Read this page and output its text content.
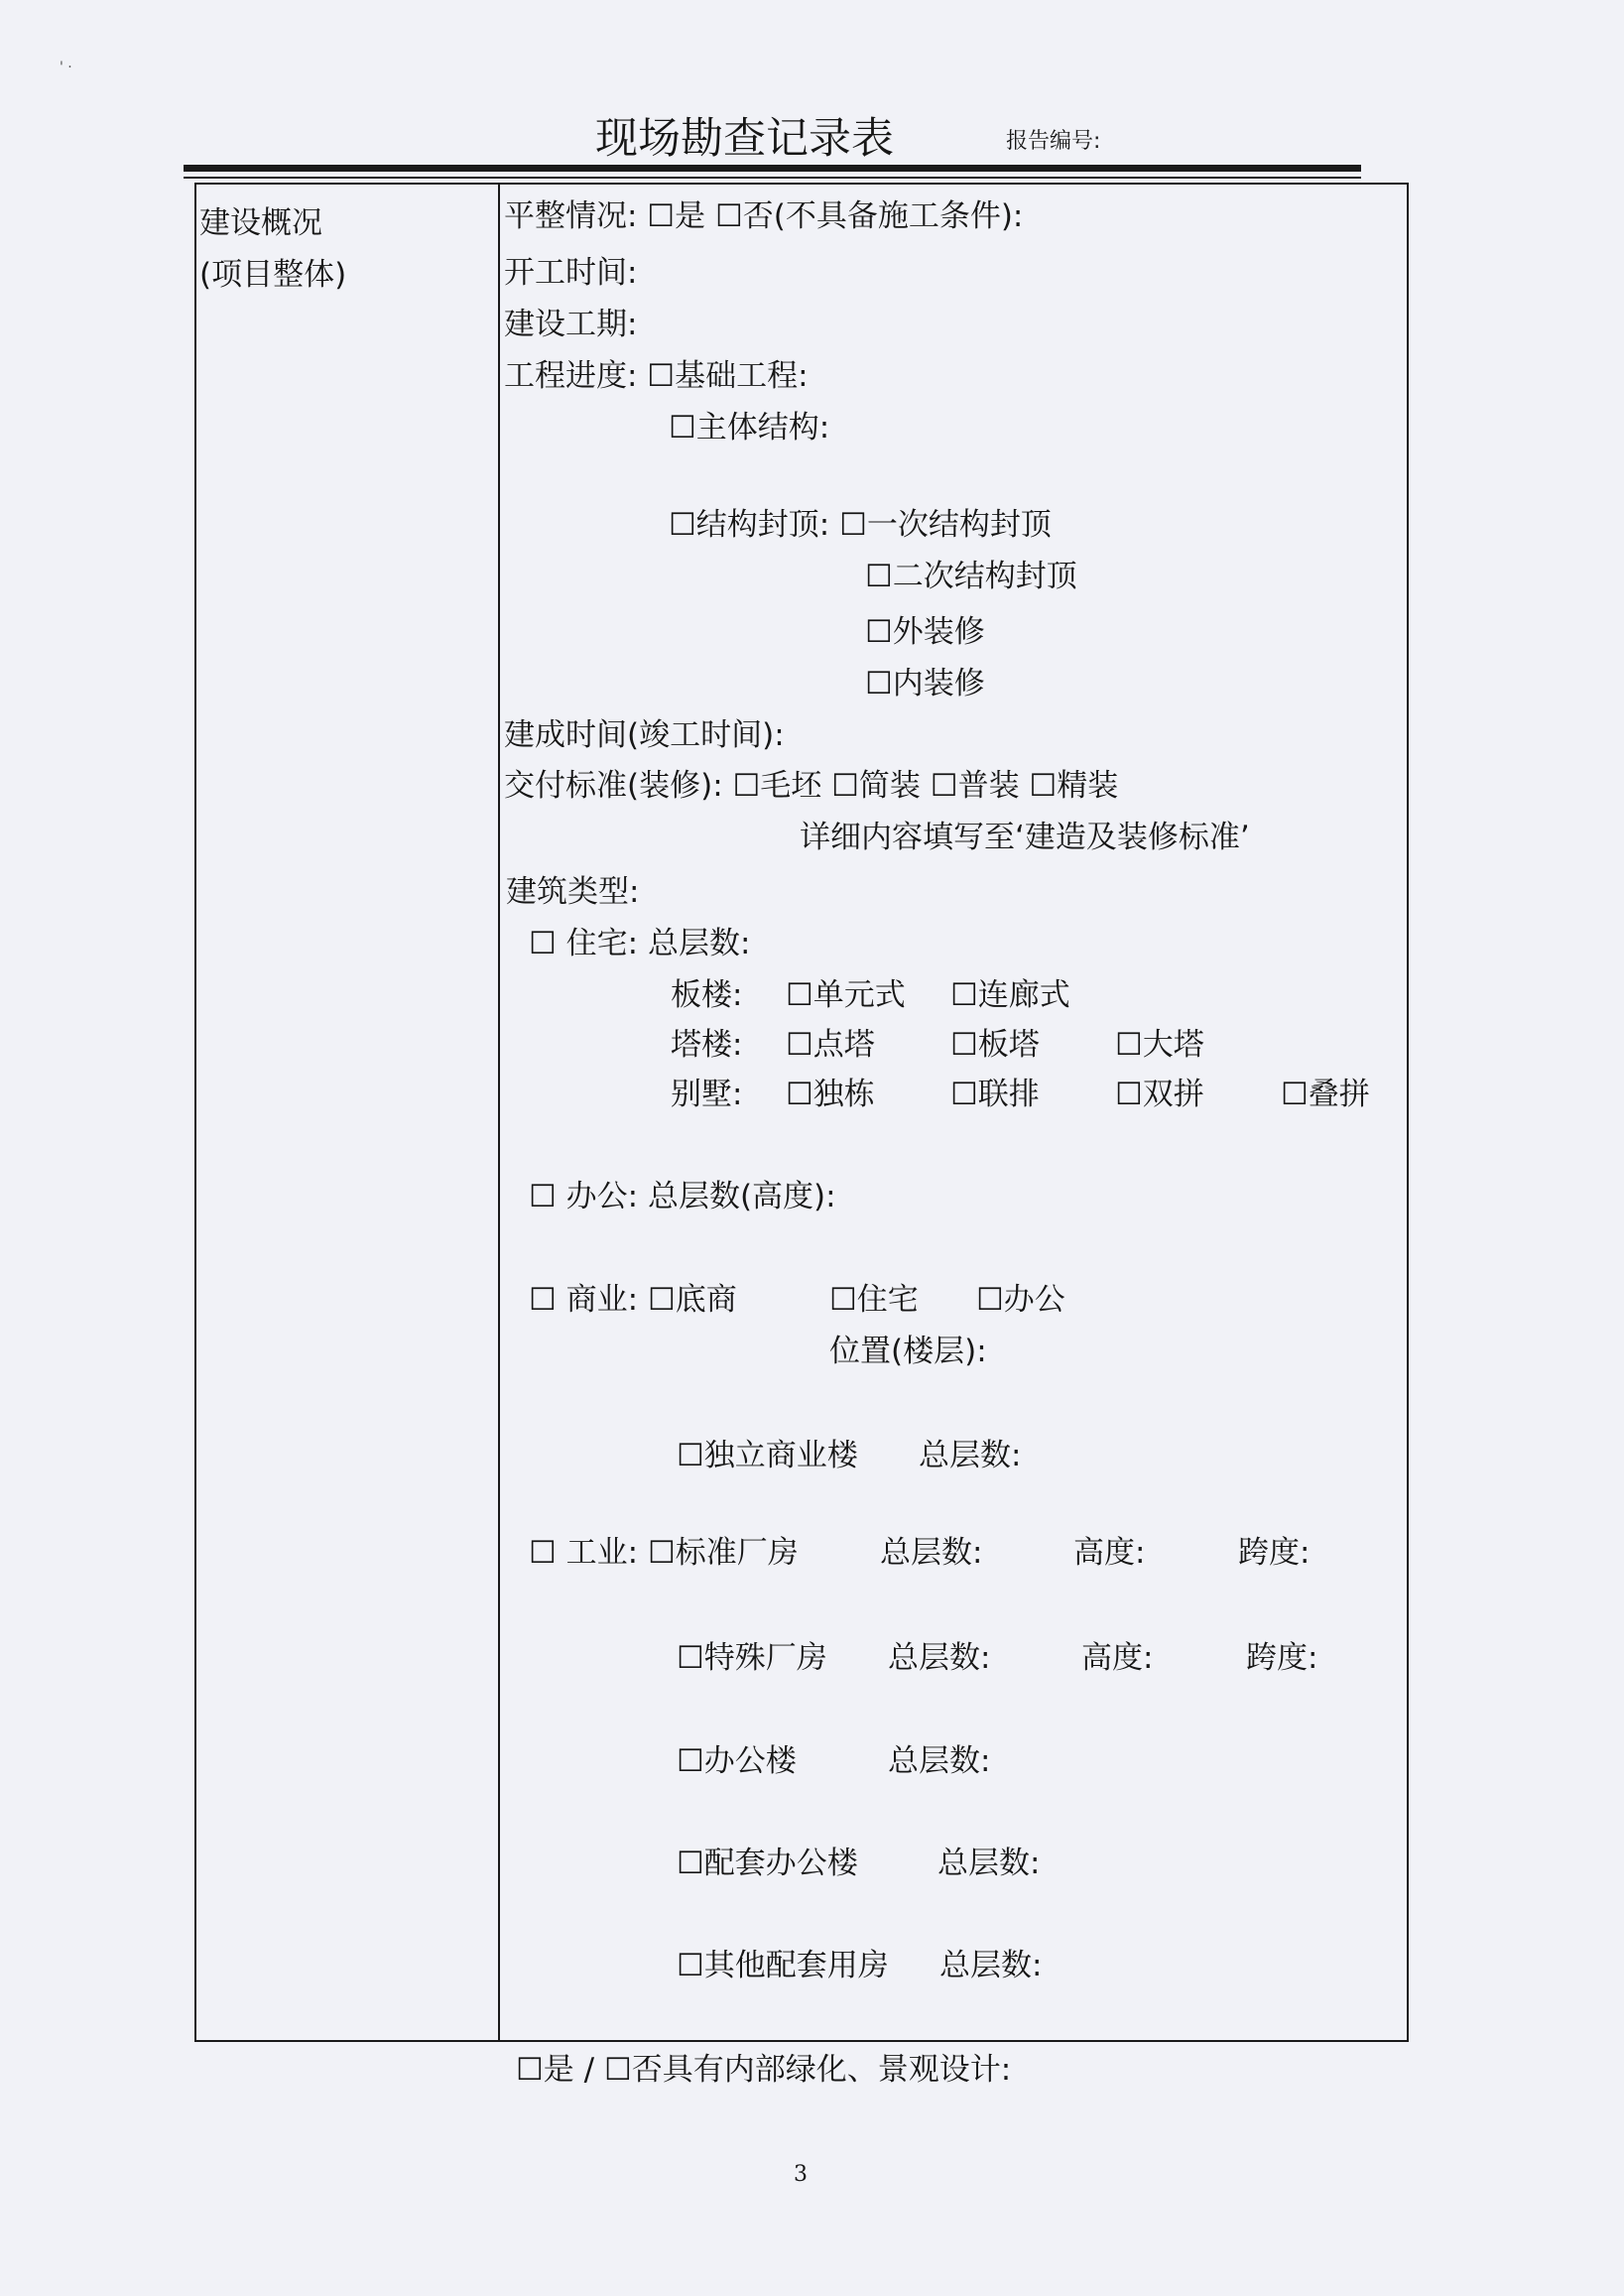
' ·
现场勘查记录表	报告编号:
建设概况
(项目整体)
平整情况: ☐是 ☐否(不具备施工条件):
开工时间:
建设工期:
工程进度: ☐基础工程:
☐主体结构:
☐结构封顶: ☐一次结构封顶
☐二次结构封顶
☐外装修
☐内装修
建成时间(竣工时间):
交付标准(装修): ☐毛坯 ☐简装 ☐普装 ☐精装
详细内容填写至‘建造及装修标准’
建筑类型:
☐ 住宅: 总层数:
板楼: ☐单元式 ☐连廊式
塔楼: ☐点塔 ☐板塔 ☐大塔
别墅: ☐独栋 ☐联排 ☐双拼 ☐叠拼
☐ 办公: 总层数(高度):
☐ 商业: ☐底商	☐住宅 ☐办公
位置(楼层):
☐独立商业楼 总层数:
☐ 工业: ☐标准厂房	总层数:	高度:	跨度:
☐特殊厂房 总层数:	高度:	跨度:
☐办公楼	总层数:
☐配套办公楼	总层数:
☐其他配套用房 总层数:
☐是 / ☐否具有内部绿化、景观设计:
3
